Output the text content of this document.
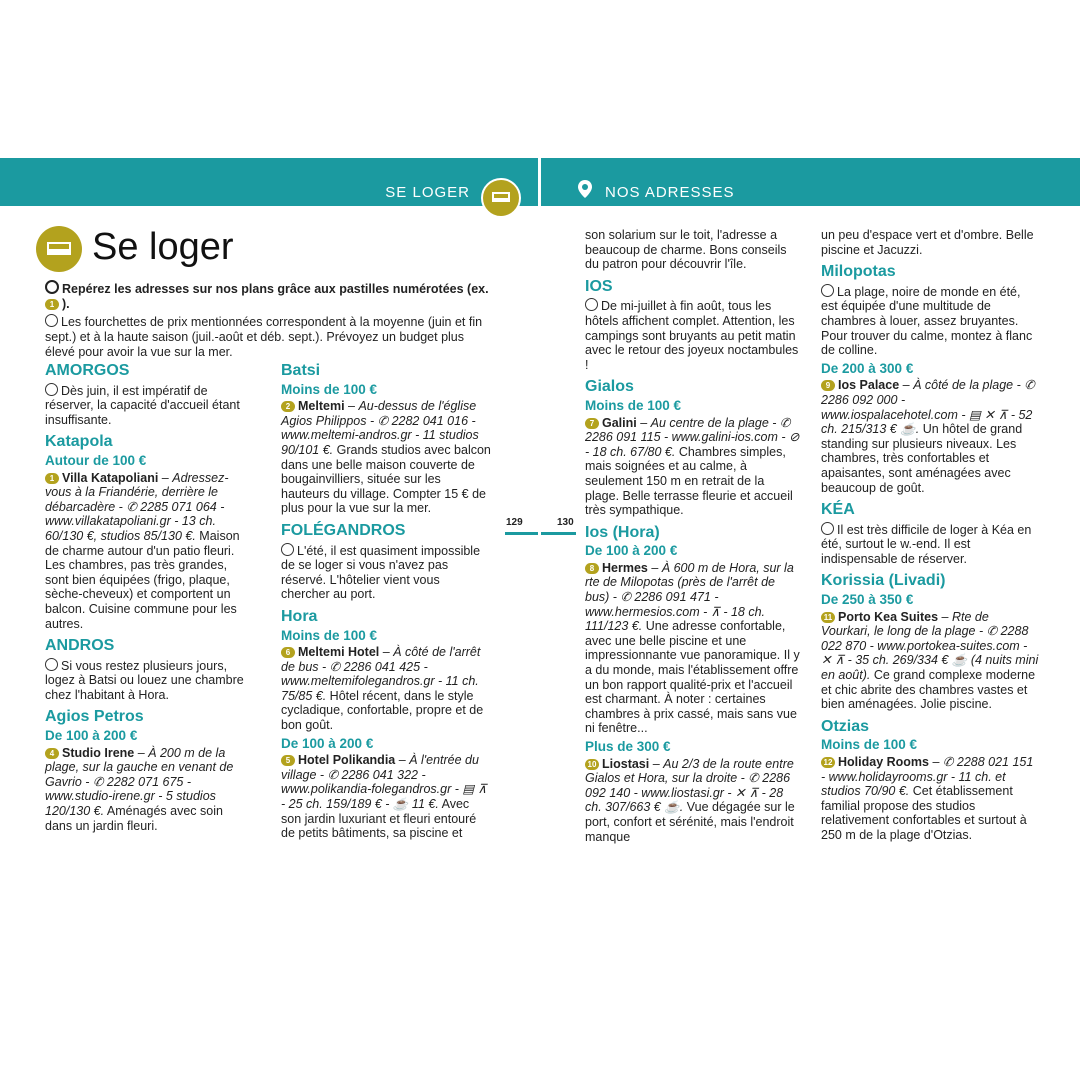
SE LOGER	NOS ADRESSES
Se loger

Repérez les adresses sur nos plans grâce aux pastilles numérotées (ex. 1 ).

Les fourchettes de prix mentionnées correspondent à la moyenne (juin et fin sept.) et à la haute saison (juil.-août et déb. sept.). Prévoyez un budget plus élevé pour avoir la vue sur la mer.

AMORGOS

Dès juin, il est impératif de réserver, la capacité d'accueil étant insuffisante.

Katapola
Autour de 100 €

1 Villa Katapoliani – Adressez-vous à la Friandérie, derrière le débarcadère - ✆ 2285 071 064 - www.villakatapoliani.gr - 13 ch. 60/130 €, studios 85/130 €. Maison de charme autour d'un patio fleuri. Les chambres, pas très grandes, sont bien équipées (frigo, plaque, sèche-cheveux) et comportent un balcon. Cuisine commune pour les autres.

ANDROS

Si vous restez plusieurs jours, logez à Batsi ou louez une chambre chez l'habitant à Hora.

Agios Petros
De 100 à 200 €

4 Studio Irene – À 200 m de la plage, sur la gauche en venant de Gavrio - ✆ 2282 071 675 - www.studio-irene.gr - 5 studios 120/130 €. Aménagés avec soin dans un jardin fleuri.

Batsi
Moins de 100 €

2 Meltemi – Au-dessus de l'église Agios Philippos - ✆ 2282 041 016 - www.meltemi-andros.gr - 11 studios 90/101 €. Grands studios avec balcon dans une belle maison couverte de bougainvilliers, située sur les hauteurs du village. Compter 15 € de plus pour la vue sur la mer.

FOLÉGANDROS

L'été, il est quasiment impossible de se loger si vous n'avez pas réservé. L'hôtelier vient vous chercher au port.

Hora
Moins de 100 €

6 Meltemi Hotel – À côté de l'arrêt de bus - ✆ 2286 041 425 - www.meltemifolegandros.gr - 11 ch. 75/85 €. Hôtel récent, dans le style cycladique, confortable, propre et de bon goût.

De 100 à 200 €

5 Hotel Polikandia – À l'entrée du village - ✆ 2286 041 322 - www.polikandia-folegandros.gr - ▤ ⊼ - 25 ch. 159/189 € - ☕ 11 €. Avec son jardin luxuriant et fleuri entouré de petits bâtiments, sa piscine et

129	130

son solarium sur le toit, l'adresse a beaucoup de charme. Bons conseils du patron pour découvrir l'île.

IOS

De mi-juillet à fin août, tous les hôtels affichent complet. Attention, les campings sont bruyants au petit matin avec le retour des joyeux noctambules !

Gialos
Moins de 100 €

7 Galini – Au centre de la plage - ✆ 2286 091 115 - www.galini-ios.com - ⊘ - 18 ch. 67/80 €. Chambres simples, mais soignées et au calme, à seulement 150 m en retrait de la plage. Belle terrasse fleurie et accueil très sympathique.

Ios (Hora)
De 100 à 200 €

8 Hermes – À 600 m de Hora, sur la rte de Milopotas (près de l'arrêt de bus) - ✆ 2286 091 471 - www.hermesios.com - ⊼ - 18 ch. 111/123 €. Une adresse confortable, avec une belle piscine et une impressionnante vue panoramique. Il y a du monde, mais l'établissement offre un bon rapport qualité-prix et l'accueil est charmant. À noter : certaines chambres à prix cassé, mais sans vue ni fenêtre...

Plus de 300 €

10 Liostasi – Au 2/3 de la route entre Gialos et Hora, sur la droite - ✆ 2286 092 140 - www.liostasi.gr - ✕ ⊼ - 28 ch. 307/663 € ☕. Vue dégagée sur le port, confort et sérénité, mais l'endroit manque

un peu d'espace vert et d'ombre. Belle piscine et Jacuzzi.

Milopotas

La plage, noire de monde en été, est équipée d'une multitude de chambres à louer, assez bruyantes. Pour trouver du calme, montez à flanc de colline.

De 200 à 300 €

9 Ios Palace – À côté de la plage - ✆ 2286 092 000 - www.iospalacehotel.com - ▤ ✕ ⊼ - 52 ch. 215/313 € ☕. Un hôtel de grand standing sur plusieurs niveaux. Les chambres, très confortables et apaisantes, sont aménagées avec beaucoup de goût.

KÉA

Il est très difficile de loger à Kéa en été, surtout le w.-end. Il est indispensable de réserver.

Korissia (Livadi)
De 250 à 350 €

11 Porto Kea Suites – Rte de Vourkari, le long de la plage - ✆ 2288 022 870 - www.portokea-suites.com - ✕ ⊼ - 35 ch. 269/334 € ☕ (4 nuits mini en août). Ce grand complexe moderne et chic abrite des chambres vastes et bien aménagées. Jolie piscine.

Otzias
Moins de 100 €

12 Holiday Rooms – ✆ 2288 021 151 - www.holidayrooms.gr - 11 ch. et studios 70/90 €. Cet établissement familial propose des studios relativement confortables et surtout à 250 m de la plage d'Otzias.
